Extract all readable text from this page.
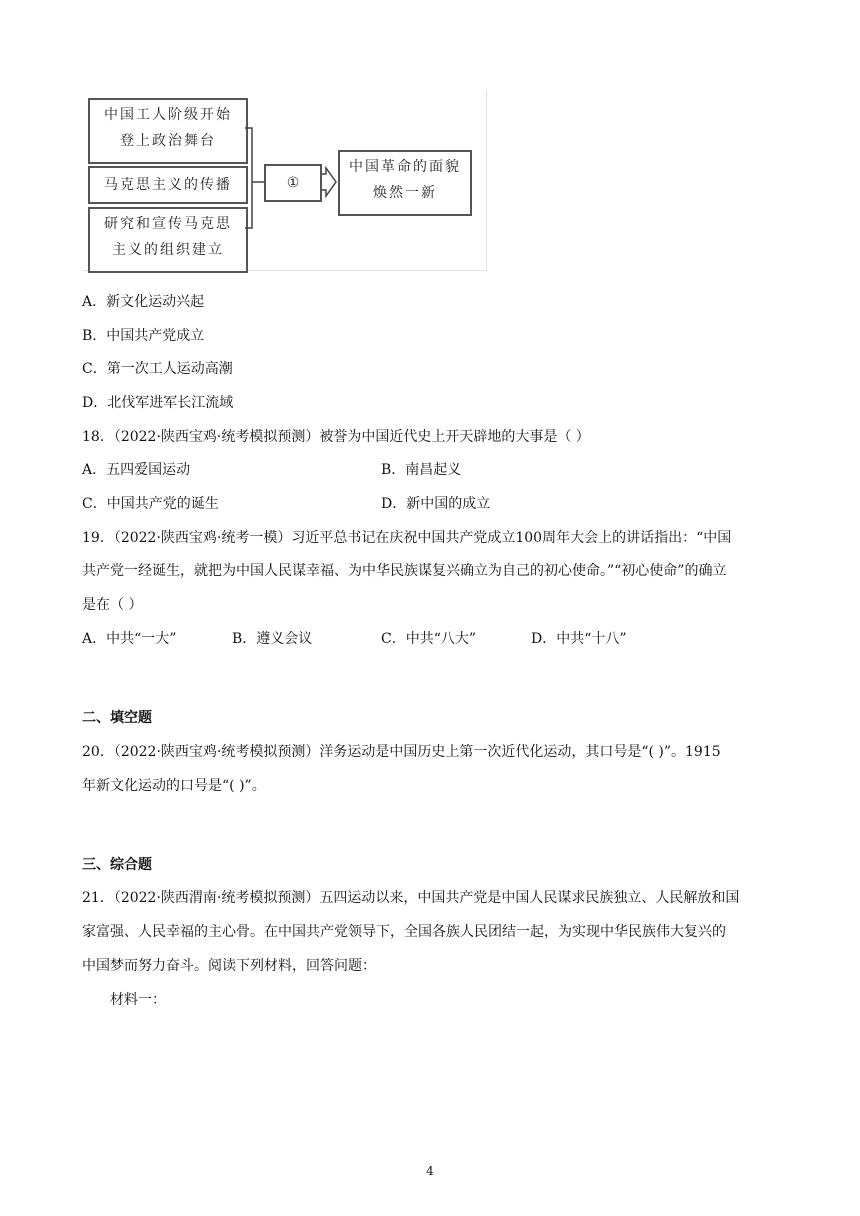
中国工人阶级开始
登上政治舞台
马克思主义的传播
研究和宣传马克思
主义的组织建立
①
中国革命的面貌
焕然一新
A．新文化运动兴起
B．中国共产党成立
C．第一次工人运动高潮
D．北伐军进军长江流域
18．（2022·陕西宝鸡·统考模拟预测）被誉为中国近代史上开天辟地的大事是（ ）
A．五四爱国运动	B．南昌起义
C．中国共产党的诞生	D．新中国的成立
19．（2022·陕西宝鸡·统考一模）习近平总书记在庆祝中国共产党成立100周年大会上的讲话指出：“中国
共产党一经诞生，就把为中国人民谋幸福、为中华民族谋复兴确立为自己的初心使命。”“初心使命”的确立
是在（ ）
A．中共“一大”	B．遵义会议	C．中共“八大”	D．中共“十八”
二、填空题
20．（2022·陕西宝鸡·统考模拟预测）洋务运动是中国历史上第一次近代化运动，其口号是“( )”。1915
年新文化运动的口号是“( )”。
三、综合题
21．（2022·陕西渭南·统考模拟预测）五四运动以来，中国共产党是中国人民谋求民族独立、人民解放和国
家富强、人民幸福的主心骨。在中国共产党领导下，全国各族人民团结一起，为实现中华民族伟大复兴的
中国梦而努力奋斗。阅读下列材料，回答问题：
材料一：
4
